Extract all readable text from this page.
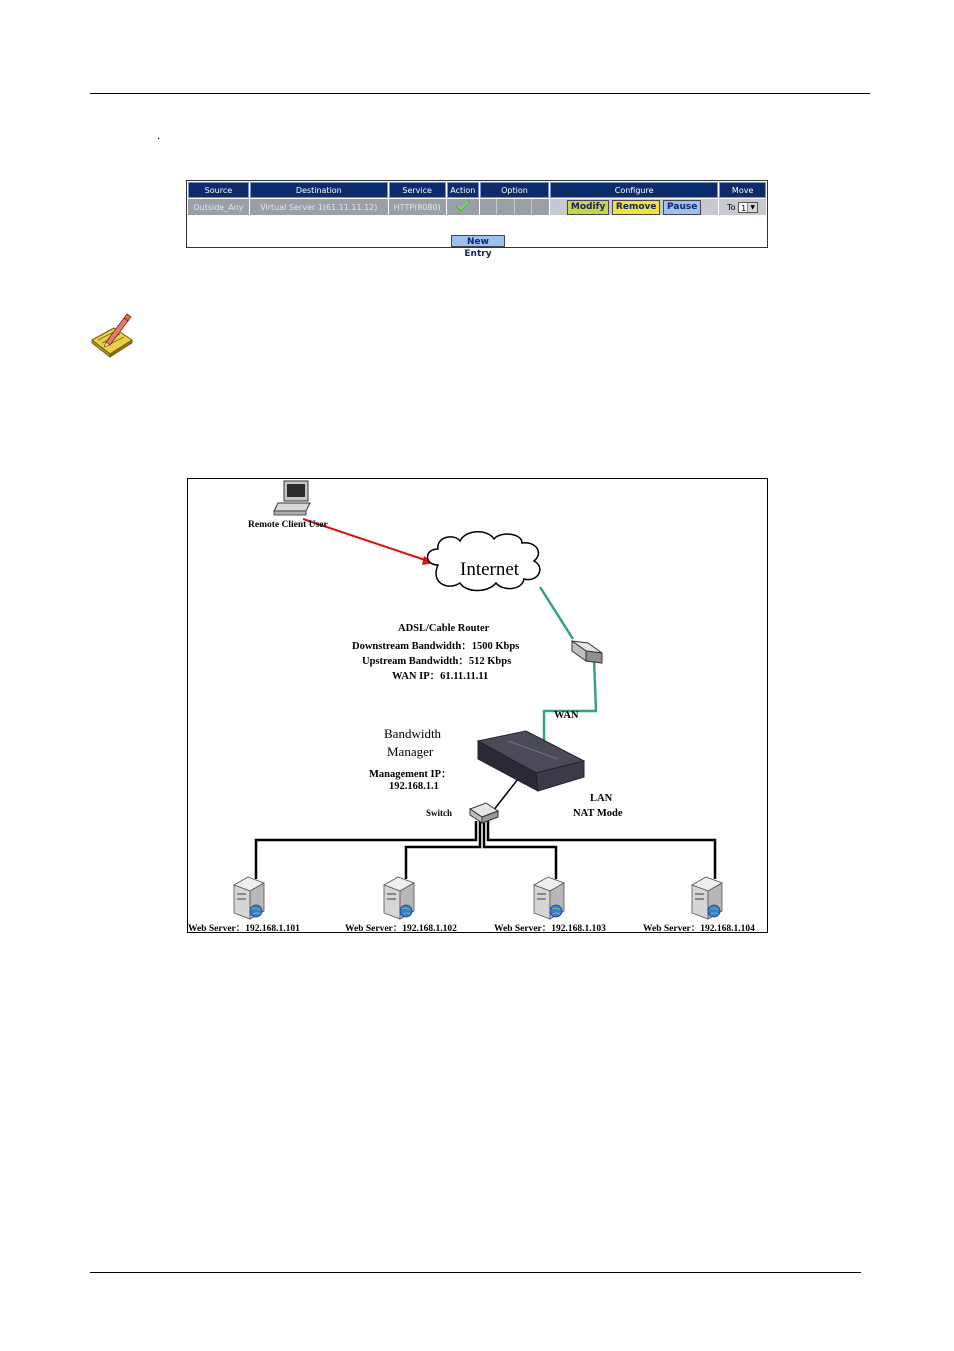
.
Source	Destination	Service	Action	Option	Configure	Move
Outside_Any	Virtual Server 1(61.11.11.12)	HTTP(8080)			Modify Remove Pause	To 1 ▼
New Entry
Remote Client User
Internet
ADSL/Cable Router
Downstream Bandwidth：1500 Kbps
Upstream Bandwidth：512 Kbps
WAN IP：61.11.11.11
WAN
Bandwidth
Manager
Management IP：
192.168.1.1
LAN
NAT Mode
Switch
Web Server：192.168.1.101	Web Server：192.168.1.102	Web Server：192.168.1.103	Web Server：192.168.1.104
